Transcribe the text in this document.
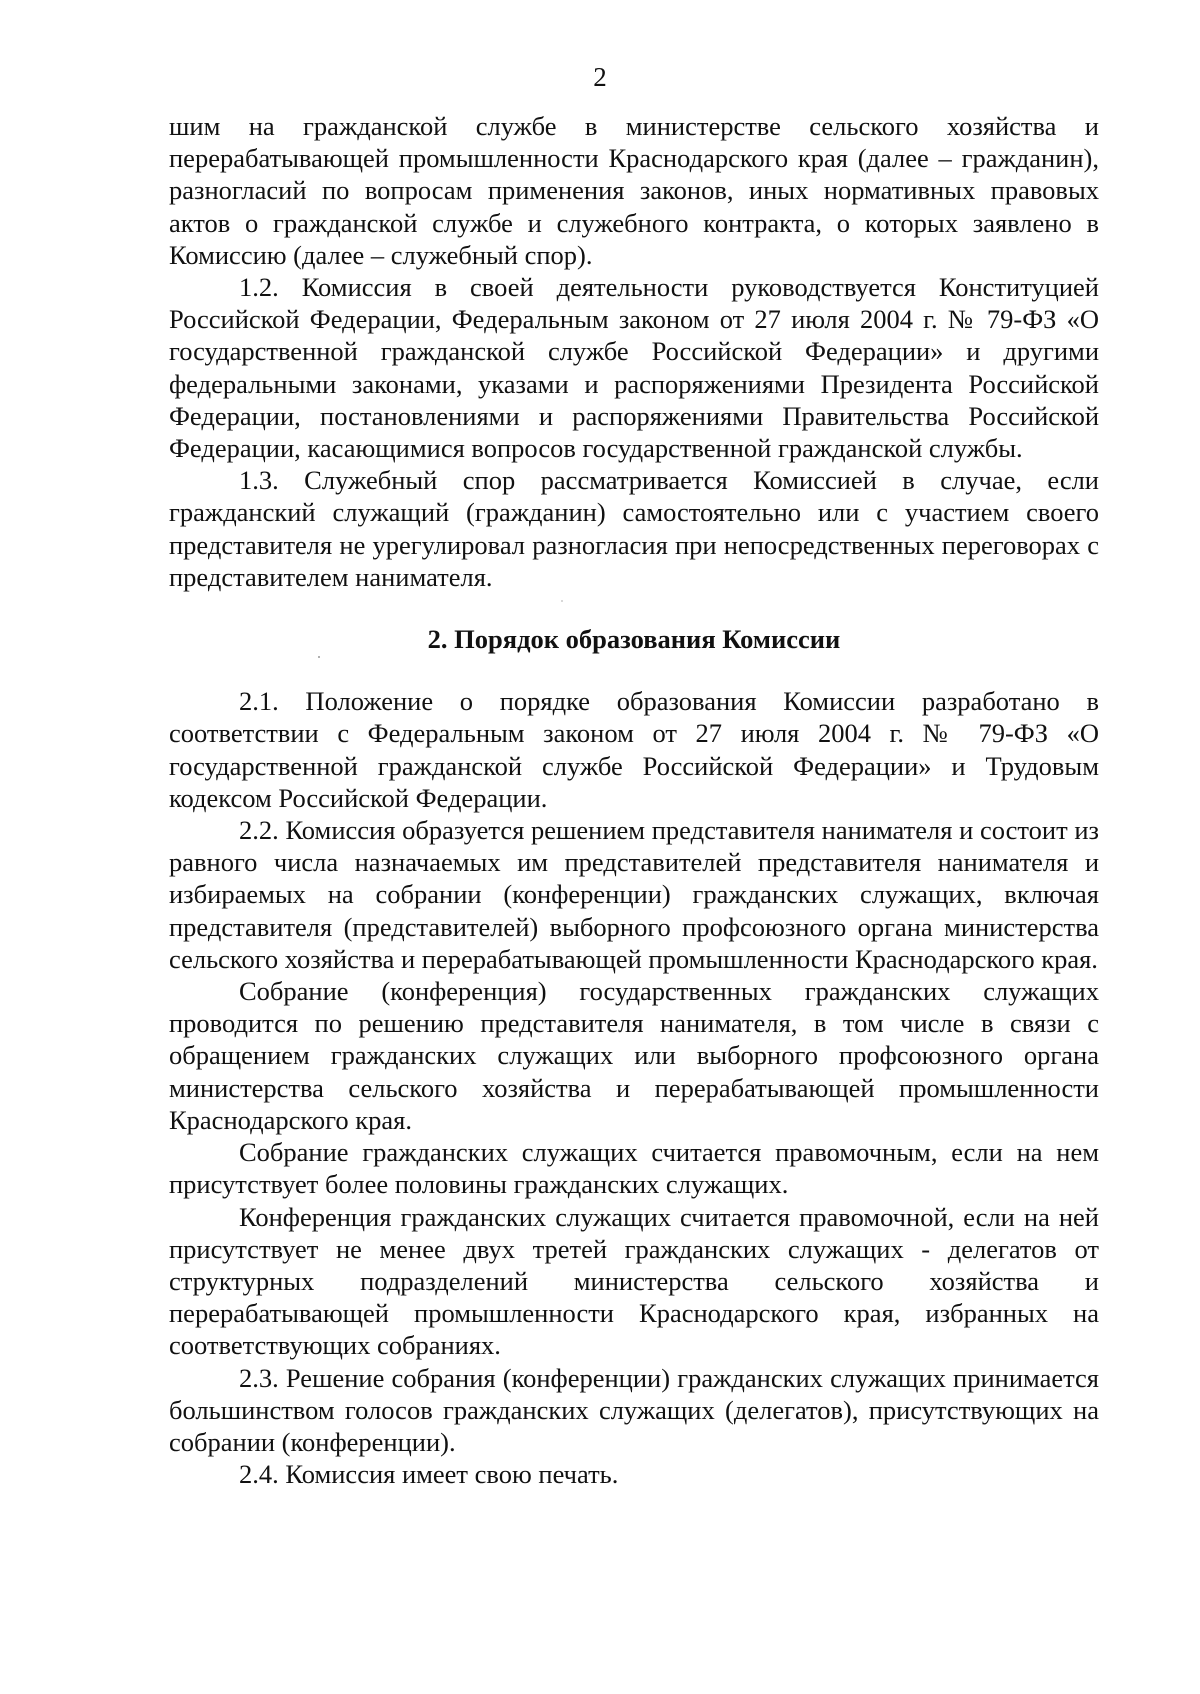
2

шим на гражданской службе в министерстве сельского хозяйства и перерабатывающей промышленности Краснодарского края (далее – гражданин), разногласий по вопросам применения законов, иных нормативных правовых актов о гражданской службе и служебного контракта, о которых заявлено в Комиссию (далее – служебный спор).

1.2. Комиссия в своей деятельности руководствуется Конституцией Российской Федерации, Федеральным законом от 27 июля 2004 г. № 79-ФЗ «О государственной гражданской службе Российской Федерации» и другими федеральными законами, указами и распоряжениями Президента Российской Федерации, постановлениями и распоряжениями Правительства Российской Федерации, касающимися вопросов государственной гражданской службы.

1.3. Служебный спор рассматривается Комиссией в случае, если гражданский служащий (гражданин) самостоятельно или с участием своего представителя не урегулировал разногласия при непосредственных переговорах с представителем нанимателя.

2. Порядок образования Комиссии

2.1. Положение о порядке образования Комиссии разработано в соответствии с Федеральным законом от 27 июля 2004 г. № 79-ФЗ «О государственной гражданской службе Российской Федерации» и Трудовым кодексом Российской Федерации.

2.2. Комиссия образуется решением представителя нанимателя и состоит из равного числа назначаемых им представителей представителя нанимателя и избираемых на собрании (конференции) гражданских служащих, включая представителя (представителей) выборного профсоюзного органа министерства сельского хозяйства и перерабатывающей промышленности Краснодарского края.

Собрание (конференция) государственных гражданских служащих проводится по решению представителя нанимателя, в том числе в связи с обращением гражданских служащих или выборного профсоюзного органа министерства сельского хозяйства и перерабатывающей промышленности Краснодарского края.

Собрание гражданских служащих считается правомочным, если на нем присутствует более половины гражданских служащих.

Конференция гражданских служащих считается правомочной, если на ней присутствует не менее двух третей гражданских служащих - делегатов от структурных подразделений министерства сельского хозяйства и перерабатывающей промышленности Краснодарского края, избранных на соответствующих собраниях.

2.3. Решение собрания (конференции) гражданских служащих принимается большинством голосов гражданских служащих (делегатов), присутствующих на собрании (конференции).

2.4. Комиссия имеет свою печать.
